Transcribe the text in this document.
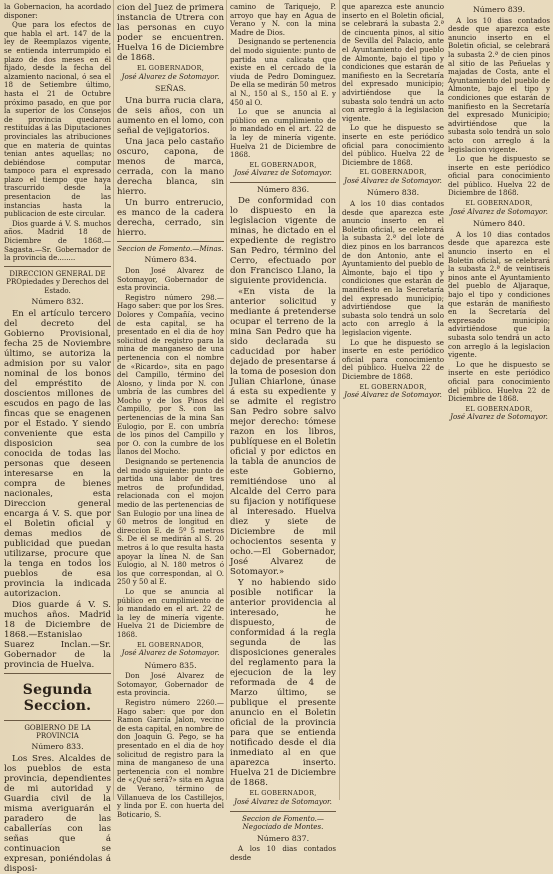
la Gobernacion, ha acordado disponer:

Que para los efectos de que habla el art. 147 de la ley de Reemplazos vigente, se entienda interrumpido el plazo de dos meses en él fijado, desde la fecha del alzamiento nacional, ó sea el 18 de Setiembre último, hasta el 21 de Octubre próximo pasado, en que por la superior de los Consejos de provincia quedaron restituidas á las Diputaciones provinciales las atribuciones que en materia de quintas tenian antes aquellas; no debiéndose computar tampoco para el expresado plazo el tiempo que haya trascurrido desde la presentacion de las instancias hasta la publicacion de este circular.

Dios guarde á V. S. muchos años. Madrid 18 de Diciembre de 1868.—Sagasta.—Sr. Gobernador de la provincia de........

DIRECCION GENERAL DE PROpiedades y Derechos del Estado.

Número 832.

En el artículo tercero del decreto del Gobierno Provisional, fecha 25 de Noviembre último, se autoriza la admision por su valor nominal de los bonos del empréstito de doscientos millones de escudos en pago de las fincas que se enagenen por el Estado. Y siendo conveniente que esta disposicion sea conocida de todas las personas que deseen interesarse en la compra de bienes nacionales, esta Direccion general encarga á V. S. que por el Boletin oficial y demas medios de publicidad que puedan utilizarse, procure que la tenga en todos los pueblos de esa provincia la indicada autorizacion.

Dios guarde á V. S. muchos años. Madrid 18 de Diciembre de 1868.—Estanislao Suarez Inclan.—Sr. Gobernador de la provincia de Huelva.

Segunda Seccion.

GOBIERNO DE LA PROVINCIA

Número 833.

Los Sres. Alcaldes de los pueblos de esta provincia, dependientes de mi autoridad y Guardia civil de la misma averiguarán el paradero de las caballerías con las señas que á continuacion se expresan, poniéndolas á disposi-

cion del Juez de primera instancia de Utrera con las personas en cuyo poder se encuentren. Huelva 16 de Diciembre de 1868.

EL GOBERNADOR,

José Alvarez de Sotomayor.

SEÑAS.

Una burra rucia clara, de seis años, con un aumento en el lomo, con señal de vejigatorios.

Una jaca pelo castaño oscuro, capona, de menos de marca, cerrada, con la mano derecha blanca, sin hierro.

Un burro entrerucio, es manco de la cadera derecha, cerrado, sin hierro.

Seccion de Fomento.—Minas.

Número 834.

Don José Alvarez de Sotomayor, Gobernador de esta provincia.

Registro número 298.—Hago saber: que por los Sres. Dolores y Compañía, vecino de esta capital, se ha presentado en el dia de hoy solicitud de registro para la mina de manganeso de una pertenencia con el nombre de «Ricardo», sita en pago del Campillo, término del Alosno, y linda por N. con umbría de las cumbres del Mocho y de los Pinos del Campillo, por S. con las pertenencias de la mina San Eulogio, por E. con umbría de los pinos del Campillo y por O. con la cumbre de los llanos del Mocho.

Designando se pertenencia del modo siguiente: punto de partida una labor de tres metros de profundidad, relacionada con el mojon medio de las pertenencias de San Eulogio por una línea de 60 metros de longitud en direccion E. de 5º 5 metros S. De él se medirán al S. 20 metros á lo que resulta hasta apoyar la línea N. de San Eulogio, al N. 180 metros ó los que correspondan, al O. 250 y 50 al E.

Lo que se anuncia al público en cumplimiento de lo mandado en el art. 22 de la ley de minería vigente. Huelva 21 de Diciembre de 1868.

EL GOBERNADOR,

José Alvarez de Sotomayor.

Número 835.

Don José Alvarez de Sotomayor, Gobernador de esta provincia.

Registro número 2260.—Hago saber: que por don Ramon García Jalon, vecino de esta capital, en nombre de don Joaquin G. Pego, se ha presentado en el dia de hoy solicitud de registro para la mina de manganeso de una pertenencia con el nombre de «¿Qué será?» sita en Agua de Verano, término de Villanueva de los Castillejos, y linda por E. con huerta del Boticario, S.

camino de Tariquejo, P. arroyo que hay en Agua de Verano y N. con la mina Madre de Dios.

Designando se pertenencia del modo siguiente: punto de partida una calicata que existe en el cercado de la viuda de Pedro Dominguez. De ella se medirán 50 metros al N., 150 al S., 150 al E. y 450 al O.

Lo que se anuncia al público en cumplimiento de lo mandado en el art. 22 de la ley de minería vigente. Huelva 21 de Diciembre de 1868.

EL GOBERNADOR,

José Alvarez de Sotomayor.

Número 836.

De conformidad con lo dispuesto en la legislacion vigente de minas, he dictado en el expediente de registro San Pedro, término del Cerro, efectuado por don Francisco Llano, la siguiente providencia.

«En vista de la anterior solicitud y mediante á pretenderse ocupar el terreno de la mina San Pedro que ha sido declarada su caducidad por haber dejado de presentarse á la toma de posesion don Julian Chiarlone, únase á esta su expediente y se admite el registro San Pedro sobre salvo mejor derecho: tómese razon en los libros, publíquese en el Boletin oficial y por edictos en la tabla de anuncios de este Gobierno, remitiéndose uno al Alcalde del Cerro para su fijacion y notifíquese al interesado. Huelva diez y siete de Diciembre de mil ochocientos sesenta y ocho.—El Gobernador, José Alvarez de Sotomayor.»

Y no habiendo sido posible notificar la anterior providencia al interesado, he dispuesto, de conformidad á la regla segunda de las disposiciones generales del reglamento para la ejecucion de la ley reformada de 4 de Marzo último, se publique el presente anuncio en el Boletin oficial de la provincia para que se entienda notificado desde el dia inmediato al en que aparezca inserto. Huelva 21 de Diciembre de 1868.

EL GOBERNADOR,

José Alvarez de Sotomayor.

Seccion de Fomento.—Negociado de Montes.

Número 837.

A los 10 dias contados desde

que aparezca este anuncio inserto en el Boletin oficial, se celebrará la subasta 2.ª de cincuenta pinos, al sitio de Sevilla del Palacio, ante el Ayuntamiento del pueblo de Almonte, bajo el tipo y condiciones que estarán de manifiesto en la Secretaría del expresado municipio; advirtiéndose que la subasta solo tendrá un acto con arreglo á la legislacion vigente.

Lo que he dispuesto se inserte en este periódico oficial para conocimiento del público. Huelva 22 de Diciembre de 1868.

EL GOBERNADOR,

José Alvarez de Sotomayor.

Número 838.

A los 10 dias contados desde que aparezca este anuncio inserto en el Boletin oficial, se celebrará la subasta 2.ª del lote de diez pinos en los barrancos de don Antonio, ante el Ayuntamiento del pueblo de Almonte, bajo el tipo y condiciones que estarán de manifiesto en la Secretaría del expresado municipio; advirtiéndose que la subasta solo tendrá un solo acto con arreglo á la legislacion vigente.

Lo que he dispuesto se inserte en este periódico oficial para conocimiento del público. Huelva 22 de Diciembre de 1868.

EL GOBERNADOR,

José Alvarez de Sotomayor.

Número 839.

A los 10 dias contados desde que aparezca este anuncio inserto en el Boletin oficial, se celebrará la subasta 2.ª de cien pinos al sitio de las Peñuelas y majadas de Costa, ante el Ayuntamiento del pueblo de Almonte, bajo el tipo y condiciones que estarán de manifiesto en la Secretaría del expresado Municipio; advirtiéndose que la subasta solo tendrá un solo acto con arreglo á la legislacion vigente.

Lo que he dispuesto se inserte en este periódico oficial para conocimiento del público. Huelva 22 de Diciembre de 1868.

EL GOBERNADOR,

José Alvarez de Sotomayor.

Número 840.

A los 10 dias contados desde que aparezca este anuncio inserto en el Boletin oficial, se celebrará la subasta 2.ª de veintiseis pinos ante el Ayuntamiento del pueblo de Aljaraque, bajo el tipo y condiciones que estarán de manifiesto en la Secretaría del expresado municipio; advirtiéndose que la subasta solo tendrá un acto con arreglo á la legislacion vigente.

Lo que he dispuesto se inserte en este periódico oficial para conocimiento del público. Huelva 22 de Diciembre de 1868.

EL GOBERNADOR,

José Alvarez de Sotomayor.
